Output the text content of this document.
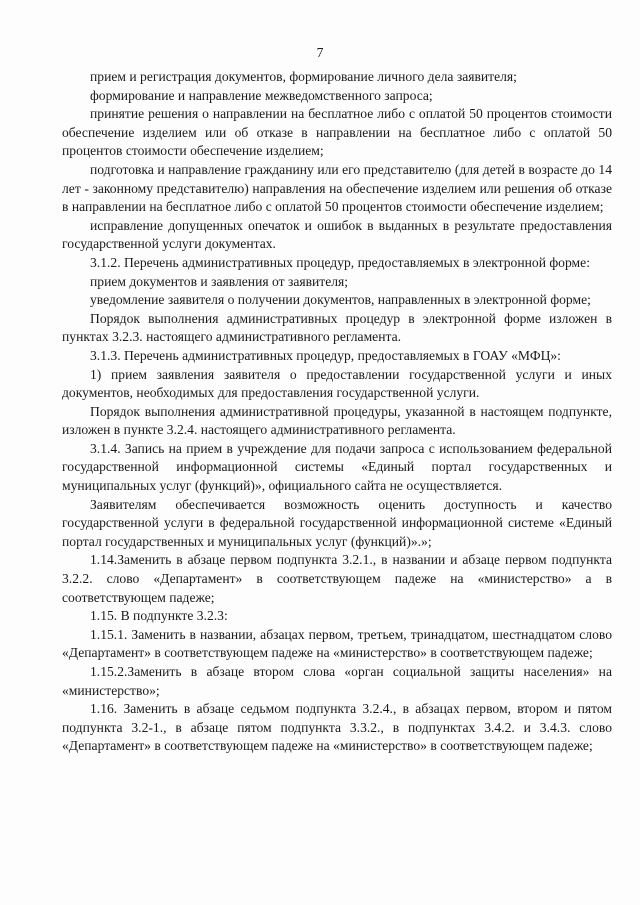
7

прием и регистрация документов, формирование личного дела заявителя;

формирование и направление межведомственного запроса;

принятие решения о направлении на бесплатное либо с оплатой 50 процентов стоимости обеспечение изделием или об отказе в направлении на бесплатное либо с оплатой 50 процентов стоимости обеспечение изделием;

подготовка и направление гражданину или его представителю (для детей в возрасте до 14 лет - законному представителю) направления на обеспечение изделием или решения об отказе в направлении на бесплатное либо с оплатой 50 процентов стоимости обеспечение изделием;

исправление допущенных опечаток и ошибок в выданных в результате предоставления государственной услуги документах.

3.1.2. Перечень административных процедур, предоставляемых в электронной форме:

прием документов и заявления от заявителя;

уведомление заявителя о получении документов, направленных в электронной форме;

Порядок выполнения административных процедур в электронной форме изложен в пунктах 3.2.3. настоящего административного регламента.

3.1.3. Перечень административных процедур, предоставляемых в ГОАУ «МФЦ»:

1) прием заявления заявителя о предоставлении государственной услуги и иных документов, необходимых для предоставления государственной услуги.

Порядок выполнения административной процедуры, указанной в настоящем подпункте, изложен в пункте 3.2.4. настоящего административного регламента.

3.1.4. Запись на прием в учреждение для подачи запроса с использованием федеральной государственной информационной системы «Единый портал государственных и муниципальных услуг (функций)», официального сайта не осуществляется.

Заявителям обеспечивается возможность оценить доступность и качество государственной услуги в федеральной государственной информационной системе «Единый портал государственных и муниципальных услуг (функций)».»;

1.14.Заменить в абзаце первом подпункта 3.2.1., в названии и абзаце первом подпункта 3.2.2. слово «Департамент» в соответствующем падеже на «министерство» а в соответствующем падеже;

1.15. В подпункте 3.2.3:

1.15.1. Заменить в названии, абзацах первом, третьем, тринадцатом, шестнадцатом слово «Департамент» в соответствующем падеже на «министерство» в соответствующем падеже;

1.15.2.Заменить в абзаце втором слова «орган социальной защиты населения» на «министерство»;

1.16. Заменить в абзаце седьмом подпункта 3.2.4., в абзацах первом, втором и пятом подпункта 3.2-1., в абзаце пятом подпункта 3.3.2., в подпунктах 3.4.2. и 3.4.3. слово «Департамент» в соответствующем падеже на «министерство» в соответствующем падеже;
